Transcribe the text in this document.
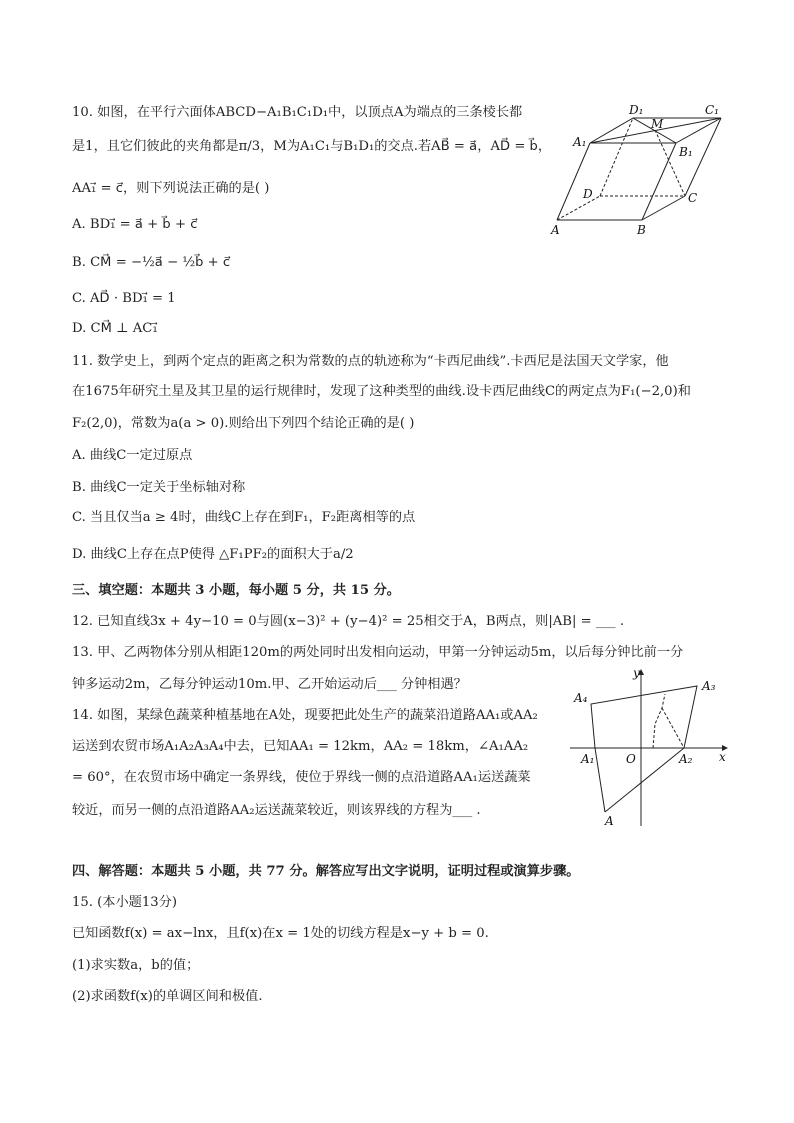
10. 如图，在平行六面体ABCD−A₁B₁C₁D₁中，以顶点A为端点的三条棱长都
是1，且它们彼此的夹角都是π/3，M为A₁C₁与B₁D₁的交点.若AB⃗ = a⃗，AD⃗ = b⃗，
AA₁⃗ = c⃗，则下列说法正确的是( )
A. BD₁⃗ = a⃗ + b⃗ + c⃗
B. CM⃗ = −½a⃗ − ½b⃗ + c⃗
C. AD⃗ · BD₁⃗ = 1
D. CM⃗ ⊥ AC₁⃗
D₁	C₁
A₁
M
B₁
D	C
A	B
11. 数学史上，到两个定点的距离之积为常数的点的轨迹称为“卡西尼曲线”.卡西尼是法国天文学家，他
在1675年研究土星及其卫星的运行规律时，发现了这种类型的曲线.设卡西尼曲线C的两定点为F₁(−2,0)和
F₂(2,0)，常数为a(a > 0).则给出下列四个结论正确的是( )
A. 曲线C一定过原点
B. 曲线C一定关于坐标轴对称
C. 当且仅当a ≥ 4时，曲线C上存在到F₁，F₂距离相等的点
D. 曲线C上存在点P使得 △F₁PF₂的面积大于a/2
三、填空题：本题共 3 小题，每小题 5 分，共 15 分。
12. 已知直线3x + 4y−10 = 0与圆(x−3)² + (y−4)² = 25相交于A，B两点，则|AB| = ___ .
13. 甲、乙两物体分别从相距120m的两处同时出发相向运动，甲第一分钟运动5m，以后每分钟比前一分
钟多运动2m，乙每分钟运动10m.甲、乙开始运动后___ 分钟相遇？
14. 如图，某绿色蔬菜种植基地在A处，现要把此处生产的蔬菜沿道路AA₁或AA₂
运送到农贸市场A₁A₂A₃A₄中去，已知AA₁ = 12km，AA₂ = 18km，∠A₁AA₂
= 60°，在农贸市场中确定一条界线，使位于界线一侧的点沿道路AA₁运送蔬菜
较近，而另一侧的点沿道路AA₂运送蔬菜较近，则该界线的方程为___ .
y
x
A₄
A₃
A₁	O	A₂
A
四、解答题：本题共 5 小题，共 77 分。解答应写出文字说明，证明过程或演算步骤。
15. (本小题13分)
已知函数f(x) = ax−lnx，且f(x)在x = 1处的切线方程是x−y + b = 0.
(1)求实数a，b的值；
(2)求函数f(x)的单调区间和极值.
